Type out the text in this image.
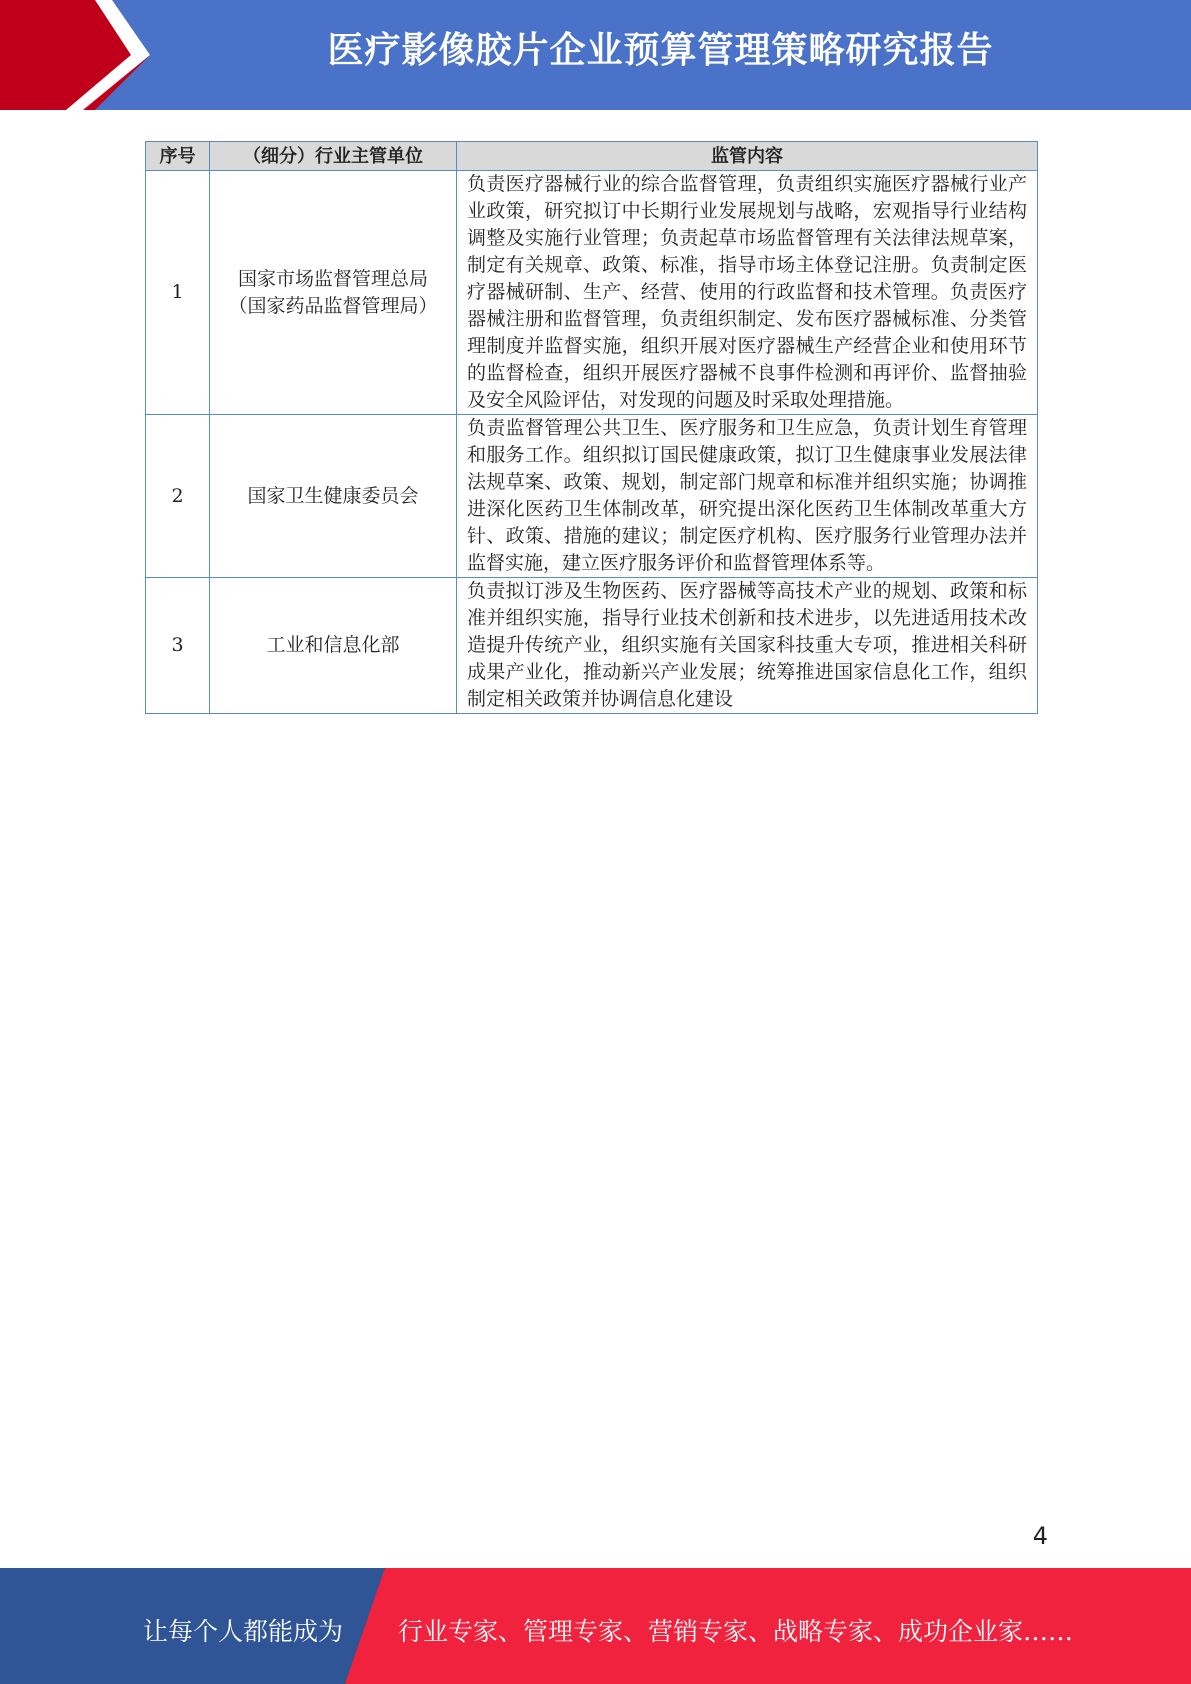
医疗影像胶片企业预算管理策略研究报告
序号	（细分）行业主管单位	监管内容
1	国家市场监督管理总局（国家药品监督管理局）	负责医疗器械行业的综合监督管理，负责组织实施医疗器械行业产业政策，研究拟订中长期行业发展规划与战略，宏观指导行业结构调整及实施行业管理；负责起草市场监督管理有关法律法规草案，制定有关规章、政策、标准，指导市场主体登记注册。负责制定医疗器械研制、生产、经营、使用的行政监督和技术管理。负责医疗器械注册和监督管理，负责组织制定、发布医疗器械标准、分类管理制度并监督实施，组织开展对医疗器械生产经营企业和使用环节的监督检查，组织开展医疗器械不良事件检测和再评价、监督抽验及安全风险评估，对发现的问题及时采取处理措施。
2	国家卫生健康委员会	负责监督管理公共卫生、医疗服务和卫生应急，负责计划生育管理和服务工作。组织拟订国民健康政策，拟订卫生健康事业发展法律法规草案、政策、规划，制定部门规章和标准并组织实施；协调推进深化医药卫生体制改革，研究提出深化医药卫生体制改革重大方针、政策、措施的建议；制定医疗机构、医疗服务行业管理办法并监督实施，建立医疗服务评价和监督管理体系等。
3	工业和信息化部	负责拟订涉及生物医药、医疗器械等高技术产业的规划、政策和标准并组织实施，指导行业技术创新和技术进步，以先进适用技术改造提升传统产业，组织实施有关国家科技重大专项，推进相关科研成果产业化，推动新兴产业发展；统筹推进国家信息化工作，组织制定相关政策并协调信息化建设
4
让每个人都能成为 行业专家、管理专家、营销专家、战略专家、成功企业家……
